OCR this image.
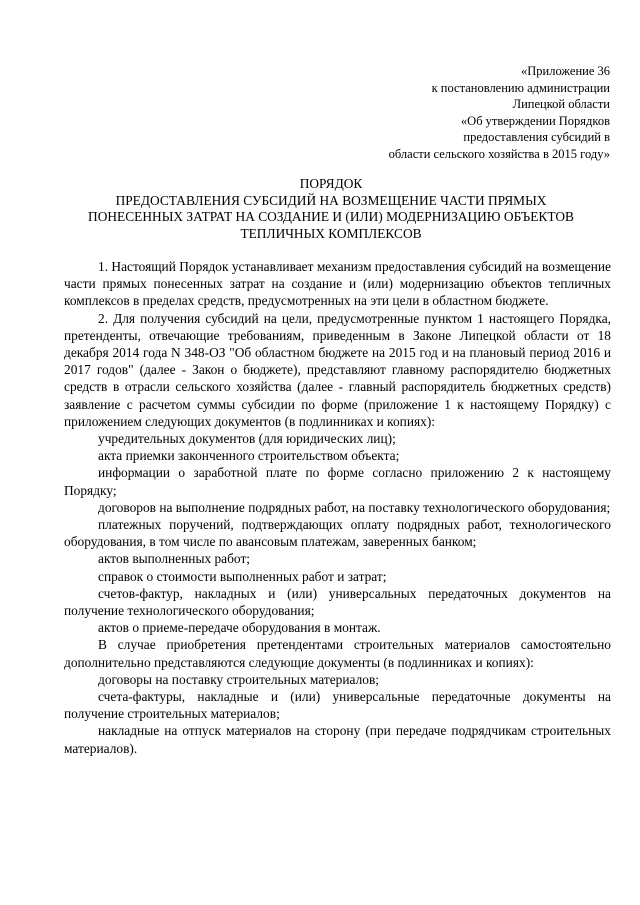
«Приложение 36
к постановлению администрации
Липецкой области
«Об утверждении Порядков
предоставления субсидий в
области сельского хозяйства в 2015 году»
ПОРЯДОК
ПРЕДОСТАВЛЕНИЯ СУБСИДИЙ НА ВОЗМЕЩЕНИЕ ЧАСТИ ПРЯМЫХ
ПОНЕСЕННЫХ ЗАТРАТ НА СОЗДАНИЕ И (ИЛИ) МОДЕРНИЗАЦИЮ ОБЪЕКТОВ
ТЕПЛИЧНЫХ КОМПЛЕКСОВ

1. Настоящий Порядок устанавливает механизм предоставления субсидий на возмещение части прямых понесенных затрат на создание и (или) модернизацию объектов тепличных комплексов в пределах средств, предусмотренных на эти цели в областном бюджете.

2. Для получения субсидий на цели, предусмотренные пунктом 1 настоящего Порядка, претенденты, отвечающие требованиям, приведенным в Законе Липецкой области от 18 декабря 2014 года N 348-ОЗ "Об областном бюджете на 2015 год и на плановый период 2016 и 2017 годов" (далее - Закон о бюджете), представляют главному распорядителю бюджетных средств в отрасли сельского хозяйства (далее - главный распорядитель бюджетных средств) заявление с расчетом суммы субсидии по форме (приложение 1 к настоящему Порядку) с приложением следующих документов (в подлинниках и копиях):

учредительных документов (для юридических лиц);

акта приемки законченного строительством объекта;

информации о заработной плате по форме согласно приложению 2 к настоящему Порядку;

договоров на выполнение подрядных работ, на поставку технологического оборудования;

платежных поручений, подтверждающих оплату подрядных работ, технологического оборудования, в том числе по авансовым платежам, заверенных банком;

актов выполненных работ;

справок о стоимости выполненных работ и затрат;

счетов-фактур, накладных и (или) универсальных передаточных документов на получение технологического оборудования;

актов о приеме-передаче оборудования в монтаж.

В случае приобретения претендентами строительных материалов самостоятельно дополнительно представляются следующие документы (в подлинниках и копиях):

договоры на поставку строительных материалов;

счета-фактуры, накладные и (или) универсальные передаточные документы на получение строительных материалов;

накладные на отпуск материалов на сторону (при передаче подрядчикам строительных материалов).
